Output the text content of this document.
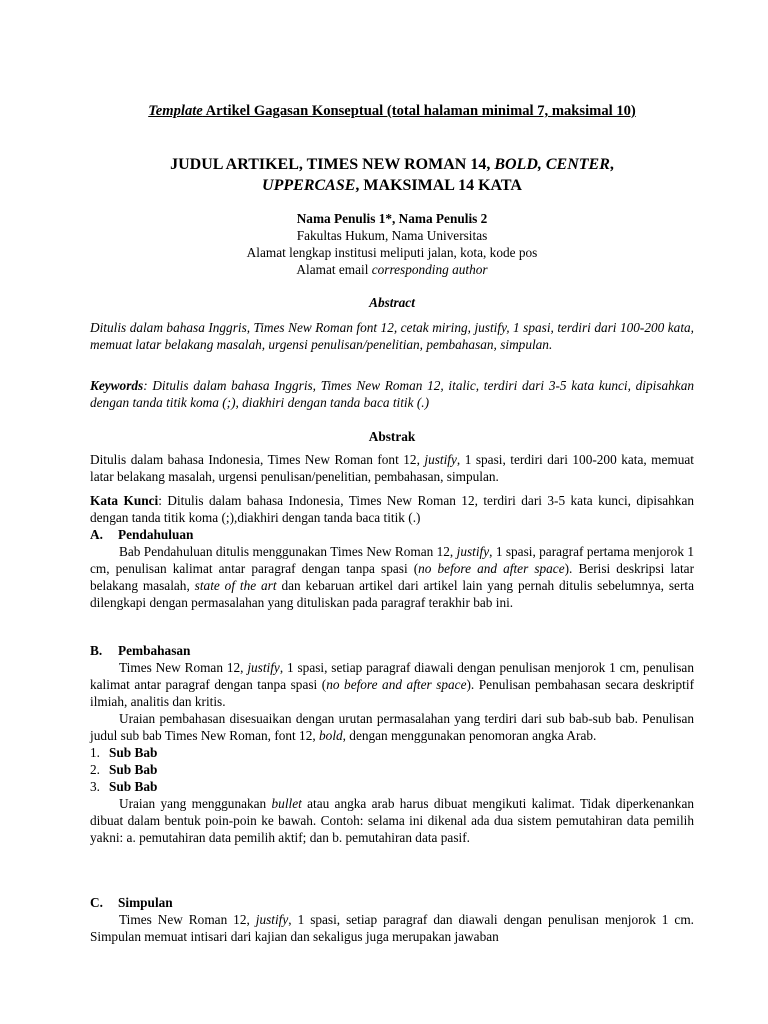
Template Artikel Gagasan Konseptual (total halaman minimal 7, maksimal 10)

JUDUL ARTIKEL, TIMES NEW ROMAN 14, BOLD, CENTER,

UPPERCASE, MAKSIMAL 14 KATA

Nama Penulis 1*, Nama Penulis 2

Fakultas Hukum, Nama Universitas

Alamat lengkap institusi meliputi jalan, kota, kode pos

Alamat email corresponding author

Abstract

Ditulis dalam bahasa Inggris, Times New Roman font 12, cetak miring, justify, 1 spasi, terdiri dari 100-200 kata, memuat latar belakang masalah, urgensi penulisan/penelitian, pembahasan, simpulan.

Keywords: Ditulis dalam bahasa Inggris, Times New Roman 12, italic, terdiri dari 3-5 kata kunci, dipisahkan dengan tanda titik koma (;), diakhiri dengan tanda baca titik (.)

Abstrak

Ditulis dalam bahasa Indonesia, Times New Roman font 12, justify, 1 spasi, terdiri dari 100-200 kata, memuat latar belakang masalah, urgensi penulisan/penelitian, pembahasan, simpulan.

Kata Kunci: Ditulis dalam bahasa Indonesia, Times New Roman 12, terdiri dari 3-5 kata kunci, dipisahkan dengan tanda titik koma (;),diakhiri dengan tanda baca titik (.)

A.	Pendahuluan

Bab Pendahuluan ditulis menggunakan Times New Roman 12, justify, 1 spasi, paragraf pertama menjorok 1 cm, penulisan kalimat antar paragraf dengan tanpa spasi (no before and after space). Berisi deskripsi latar belakang masalah, state of the art dan kebaruan artikel dari artikel lain yang pernah ditulis sebelumnya, serta dilengkapi dengan permasalahan yang dituliskan pada paragraf terakhir bab ini.

B.	Pembahasan

Times New Roman 12, justify, 1 spasi, setiap paragraf diawali dengan penulisan menjorok 1 cm, penulisan kalimat antar paragraf dengan tanpa spasi (no before and after space). Penulisan pembahasan secara deskriptif ilmiah, analitis dan kritis.

Uraian pembahasan disesuaikan dengan urutan permasalahan yang terdiri dari sub bab-sub bab. Penulisan judul sub bab Times New Roman, font 12, bold, dengan menggunakan penomoran angka Arab.

1. Sub Bab
2. Sub Bab
3. Sub Bab

Uraian yang menggunakan bullet atau angka arab harus dibuat mengikuti kalimat. Tidak diperkenankan dibuat dalam bentuk poin-poin ke bawah. Contoh: selama ini dikenal ada dua sistem pemutahiran data pemilih yakni: a. pemutahiran data pemilih aktif; dan b. pemutahiran data pasif.

C.	Simpulan

Times New Roman 12, justify, 1 spasi, setiap paragraf dan diawali dengan penulisan menjorok 1 cm. Simpulan memuat intisari dari kajian dan sekaligus juga merupakan jawaban
